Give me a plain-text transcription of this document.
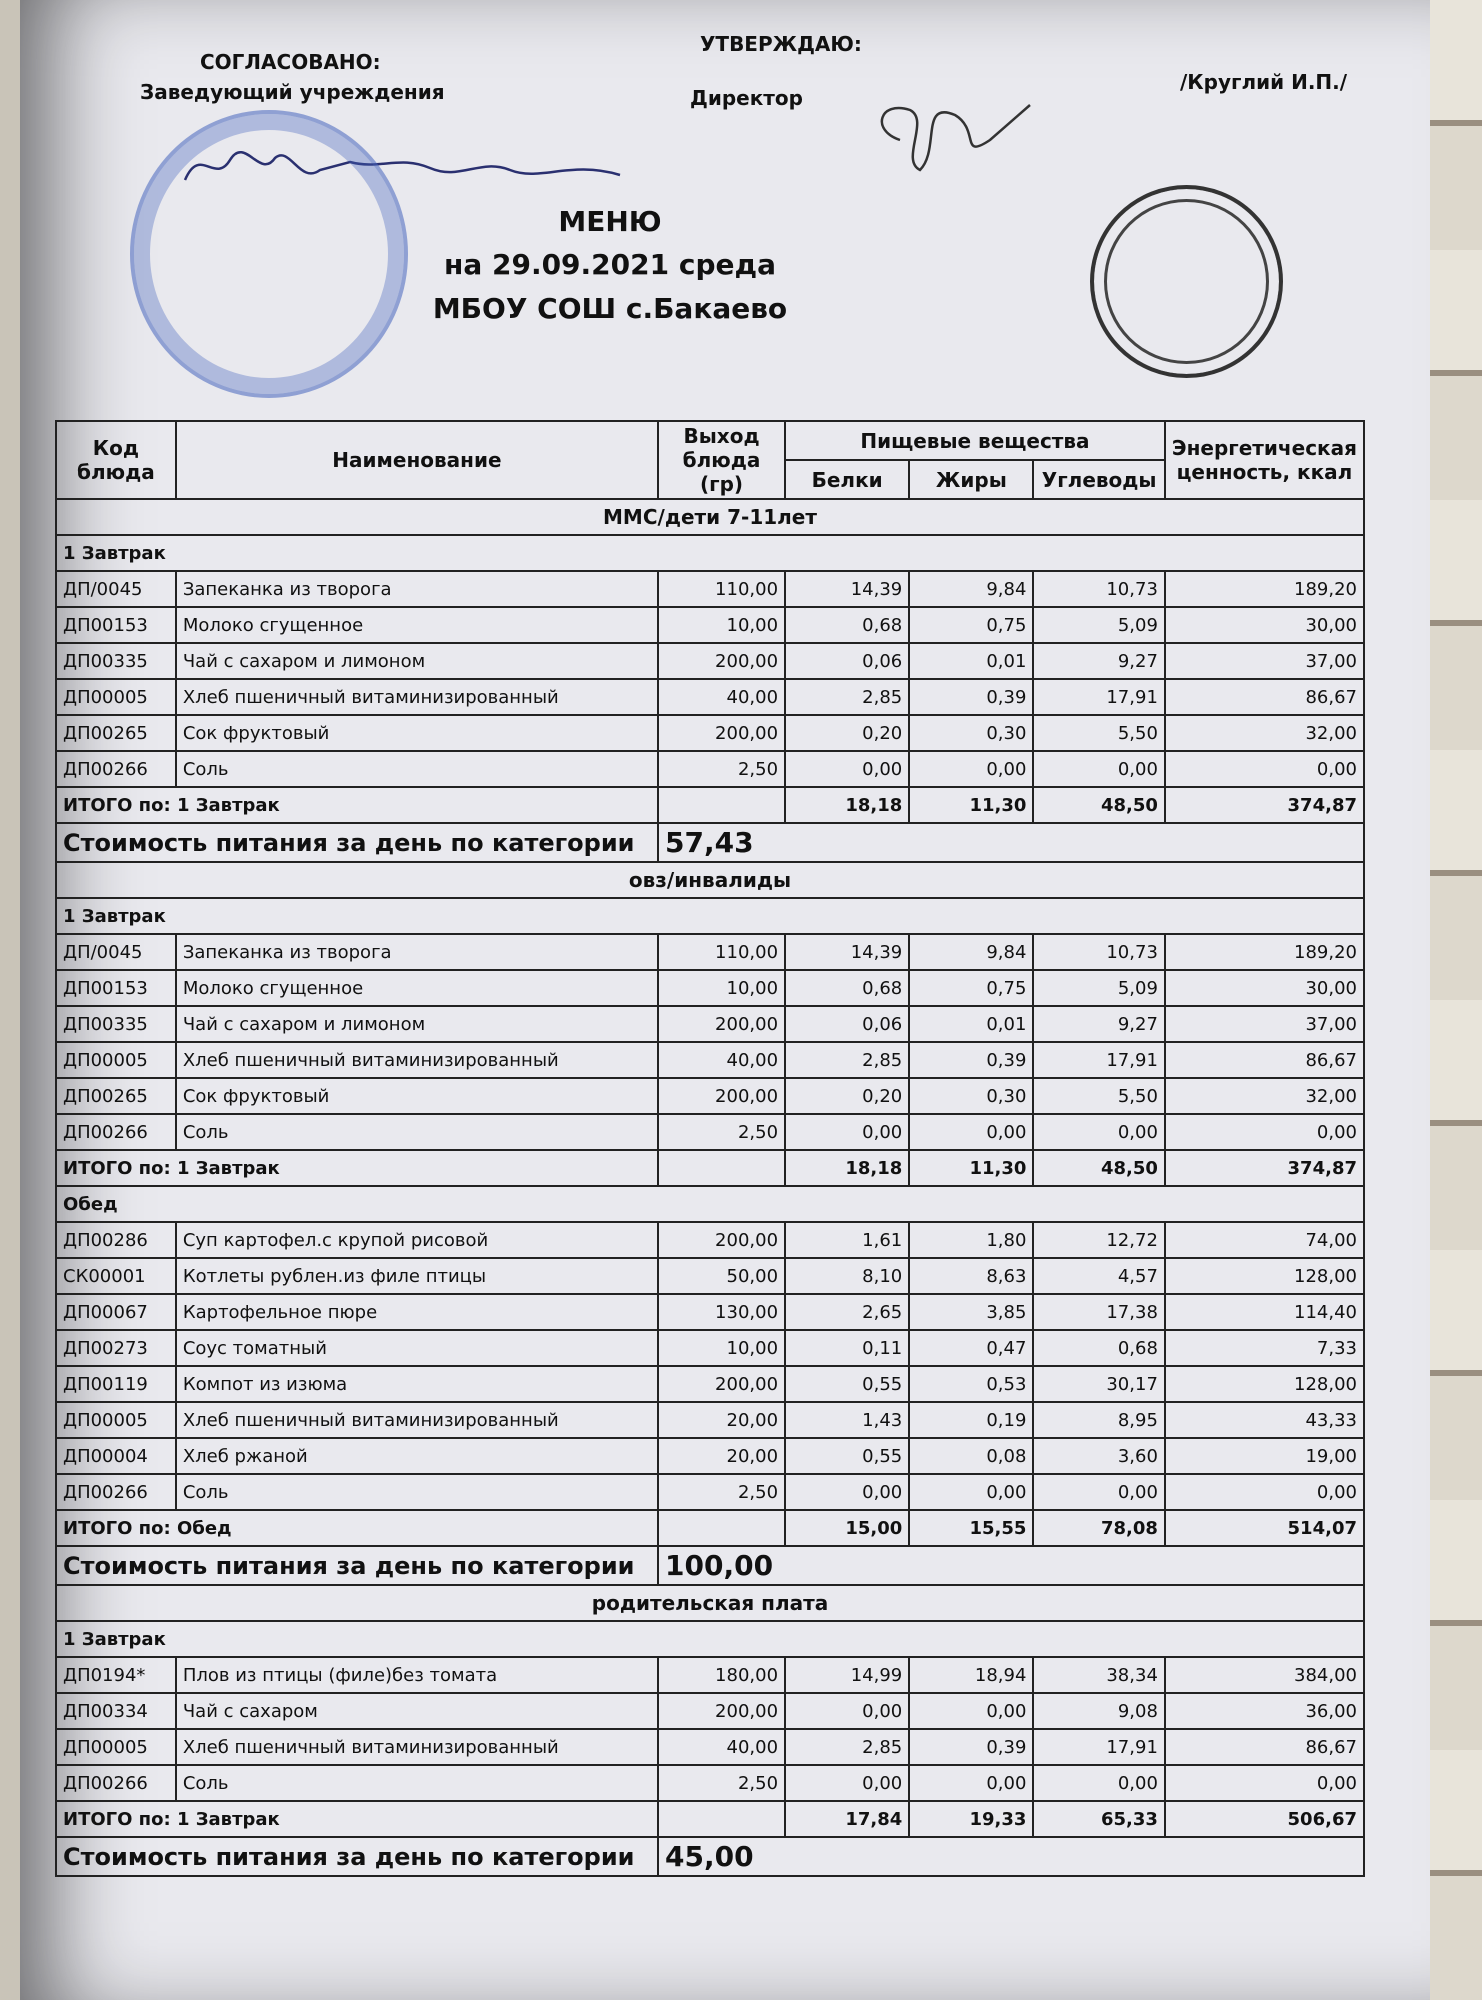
СОГЛАСОВАНО:
Заведующий учреждения
УТВЕРЖДАЮ:
Директор
/Круглий И.П./
МЕНЮ
на 29.09.2021 среда
МБОУ СОШ с.Бакаево
Код блюда	Наименование	Выход блюда (гр)	Пищевые вещества			Энергетическая ценность, ккал
			Белки	Жиры	Углеводы	
ММС/дети 7-11лет						
1 Завтрак						
ДП/0045	Запеканка из творога	110,00	14,39	9,84	10,73	189,20
ДП00153	Молоко сгущенное	10,00	0,68	0,75	5,09	30,00
ДП00335	Чай с сахаром и лимоном	200,00	0,06	0,01	9,27	37,00
ДП00005	Хлеб пшеничный витаминизированный	40,00	2,85	0,39	17,91	86,67
ДП00265	Сок фруктовый	200,00	0,20	0,30	5,50	32,00
ДП00266	Соль	2,50	0,00	0,00	0,00	0,00
ИТОГО по: 1 Завтрак			18,18	11,30	48,50	374,87
Стоимость питания за день по категории		57,43				
овз/инвалиды						
1 Завтрак						
ДП/0045	Запеканка из творога	110,00	14,39	9,84	10,73	189,20
ДП00153	Молоко сгущенное	10,00	0,68	0,75	5,09	30,00
ДП00335	Чай с сахаром и лимоном	200,00	0,06	0,01	9,27	37,00
ДП00005	Хлеб пшеничный витаминизированный	40,00	2,85	0,39	17,91	86,67
ДП00265	Сок фруктовый	200,00	0,20	0,30	5,50	32,00
ДП00266	Соль	2,50	0,00	0,00	0,00	0,00
ИТОГО по: 1 Завтрак			18,18	11,30	48,50	374,87
Обед						
ДП00286	Суп картофел.с крупой рисовой	200,00	1,61	1,80	12,72	74,00
СК00001	Котлеты рублен.из филе птицы	50,00	8,10	8,63	4,57	128,00
ДП00067	Картофельное пюре	130,00	2,65	3,85	17,38	114,40
ДП00273	Соус томатный	10,00	0,11	0,47	0,68	7,33
ДП00119	Компот из изюма	200,00	0,55	0,53	30,17	128,00
ДП00005	Хлеб пшеничный витаминизированный	20,00	1,43	0,19	8,95	43,33
ДП00004	Хлеб ржаной	20,00	0,55	0,08	3,60	19,00
ДП00266	Соль	2,50	0,00	0,00	0,00	0,00
ИТОГО по: Обед			15,00	15,55	78,08	514,07
Стоимость питания за день по категории		100,00				
родительская плата						
1 Завтрак						
ДП0194*	Плов из птицы (филе)без томата	180,00	14,99	18,94	38,34	384,00
ДП00334	Чай с сахаром	200,00	0,00	0,00	9,08	36,00
ДП00005	Хлеб пшеничный витаминизированный	40,00	2,85	0,39	17,91	86,67
ДП00266	Соль	2,50	0,00	0,00	0,00	0,00
ИТОГО по: 1 Завтрак			17,84	19,33	65,33	506,67
Стоимость питания за день по категории		45,00				
